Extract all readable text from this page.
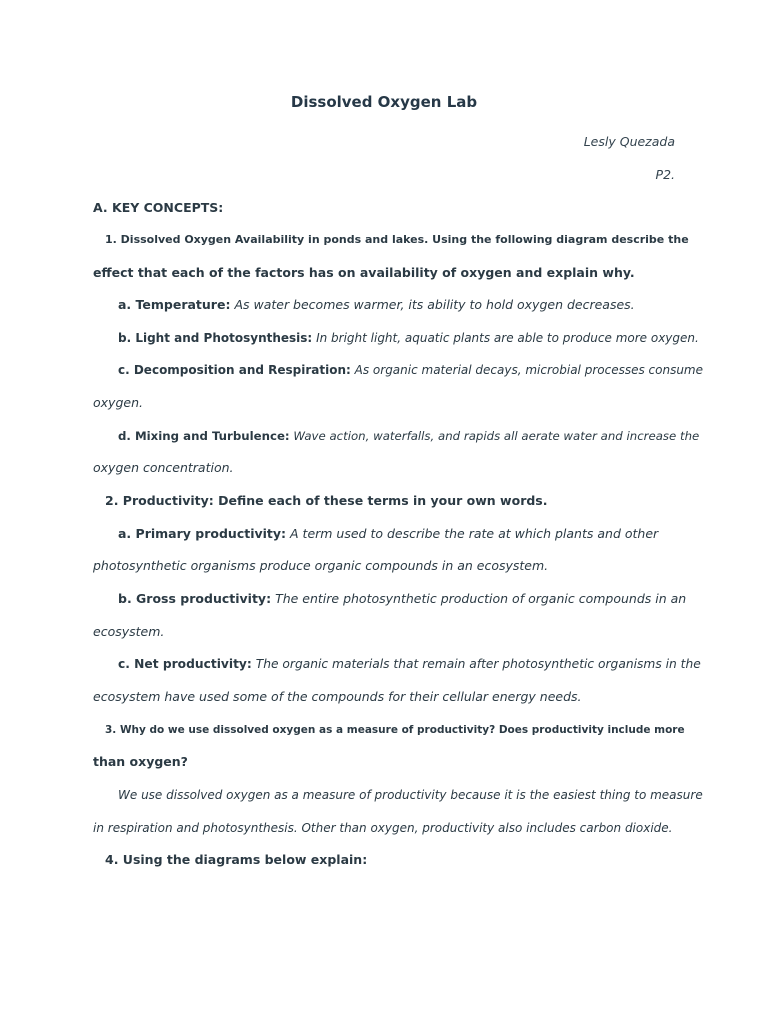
Dissolved Oxygen Lab
Lesly Quezada
P2.
A. KEY CONCEPTS:
1. Dissolved Oxygen Availability in ponds and lakes. Using the following diagram describe the
effect that each of the factors has on availability of oxygen and explain why.
a. Temperature: As water becomes warmer, its ability to hold oxygen decreases.
b. Light and Photosynthesis: In bright light, aquatic plants are able to produce more oxygen.
c. Decomposition and Respiration: As organic material decays, microbial processes consume
oxygen.
d. Mixing and Turbulence: Wave action, waterfalls, and rapids all aerate water and increase the
oxygen concentration.
2. Productivity: Define each of these terms in your own words.
a. Primary productivity: A term used to describe the rate at which plants and other
photosynthetic organisms produce organic compounds in an ecosystem.
b. Gross productivity: The entire photosynthetic production of organic compounds in an
ecosystem.
c. Net productivity: The organic materials that remain after photosynthetic organisms in the
ecosystem have used some of the compounds for their cellular energy needs.
3. Why do we use dissolved oxygen as a measure of productivity? Does productivity include more
than oxygen?
We use dissolved oxygen as a measure of productivity because it is the easiest thing to measure
in respiration and photosynthesis. Other than oxygen, productivity also includes carbon dioxide.
4. Using the diagrams below explain:
